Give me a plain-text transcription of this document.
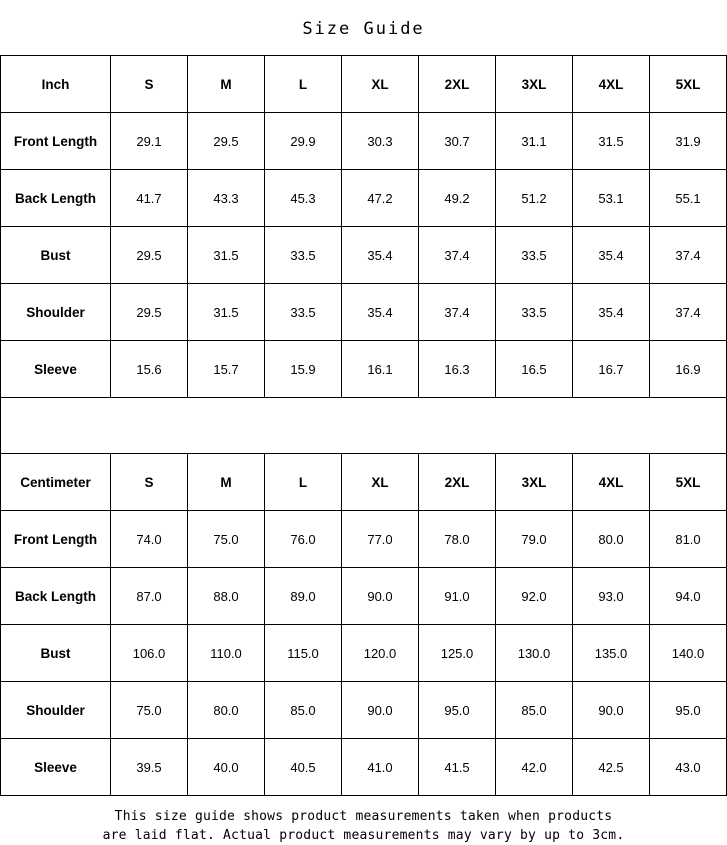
Size Guide
Inch	S	M	L	XL	2XL	3XL	4XL	5XL
Front Length	29.1	29.5	29.9	30.3	30.7	31.1	31.5	31.9
Back Length	41.7	43.3	45.3	47.2	49.2	51.2	53.1	55.1
Bust	29.5	31.5	33.5	35.4	37.4	33.5	35.4	37.4
Shoulder	29.5	31.5	33.5	35.4	37.4	33.5	35.4	37.4
Sleeve	15.6	15.7	15.9	16.1	16.3	16.5	16.7	16.9
Centimeter	S	M	L	XL	2XL	3XL	4XL	5XL
Front Length	74.0	75.0	76.0	77.0	78.0	79.0	80.0	81.0
Back Length	87.0	88.0	89.0	90.0	91.0	92.0	93.0	94.0
Bust	106.0	110.0	115.0	120.0	125.0	130.0	135.0	140.0
Shoulder	75.0	80.0	85.0	90.0	95.0	85.0	90.0	95.0
Sleeve	39.5	40.0	40.5	41.0	41.5	42.0	42.5	43.0
This size guide shows product measurements taken when products
are laid flat. Actual product measurements may vary by up to 3cm.
